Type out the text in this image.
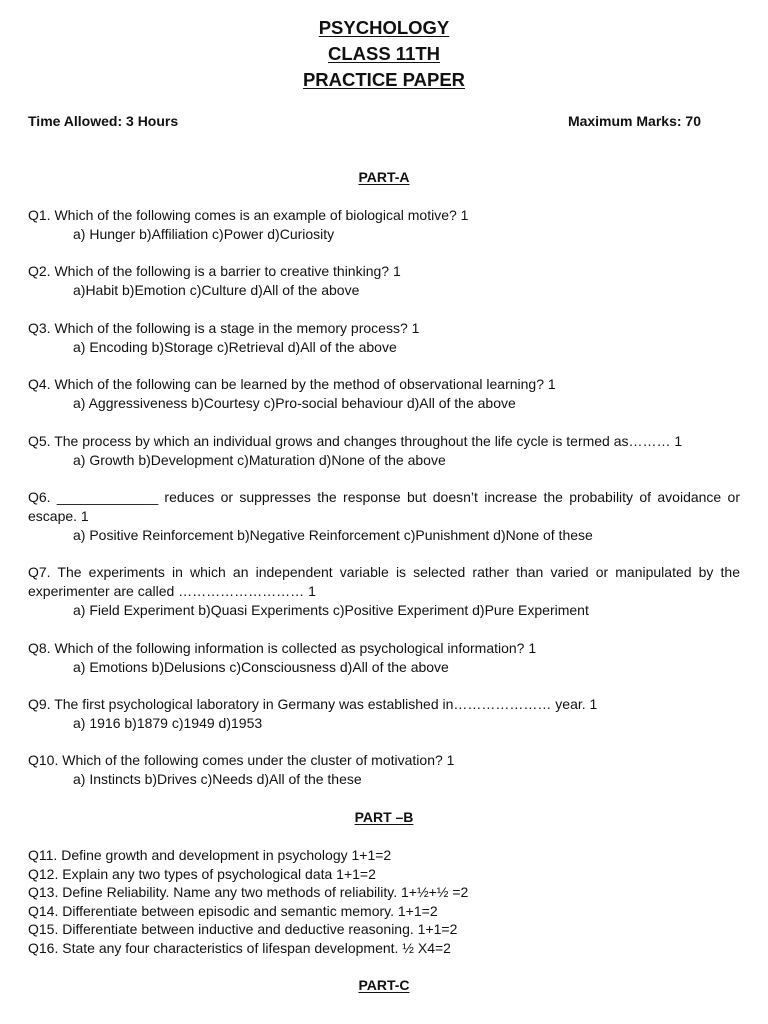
PSYCHOLOGY
CLASS 11TH
PRACTICE PAPER
Time Allowed: 3 Hours	Maximum Marks: 70
PART-A
Q1. Which of the following comes is an example of biological motive? 1
a) Hunger b)Affiliation c)Power d)Curiosity
Q2. Which of the following is a barrier to creative thinking? 1
a)Habit b)Emotion c)Culture d)All of the above
Q3. Which of the following is a stage in the memory process? 1
a) Encoding b)Storage c)Retrieval d)All of the above
Q4. Which of the following can be learned by the method of observational learning? 1
a) Aggressiveness b)Courtesy c)Pro-social behaviour d)All of the above
Q5. The process by which an individual grows and changes throughout the life cycle is termed as……… 1
a) Growth b)Development c)Maturation d)None of the above
Q6. _____________ reduces or suppresses the response but doesn’t increase the probability of avoidance or escape. 1
a) Positive Reinforcement b)Negative Reinforcement c)Punishment d)None of these
Q7. The experiments in which an independent variable is selected rather than varied or manipulated by the experimenter are called ……………………… 1
a) Field Experiment b)Quasi Experiments c)Positive Experiment d)Pure Experiment
Q8. Which of the following information is collected as psychological information? 1
a) Emotions b)Delusions c)Consciousness d)All of the above
Q9. The first psychological laboratory in Germany was established in………………… year. 1
a) 1916 b)1879 c)1949 d)1953
Q10. Which of the following comes under the cluster of motivation? 1
a) Instincts b)Drives c)Needs d)All of the these
PART –B
Q11. Define growth and development in psychology 1+1=2
Q12. Explain any two types of psychological data 1+1=2
Q13. Define Reliability. Name any two methods of reliability. 1+½+½ =2
Q14. Differentiate between episodic and semantic memory. 1+1=2
Q15. Differentiate between inductive and deductive reasoning. 1+1=2
Q16. State any four characteristics of lifespan development. ½ X4=2
PART-C
